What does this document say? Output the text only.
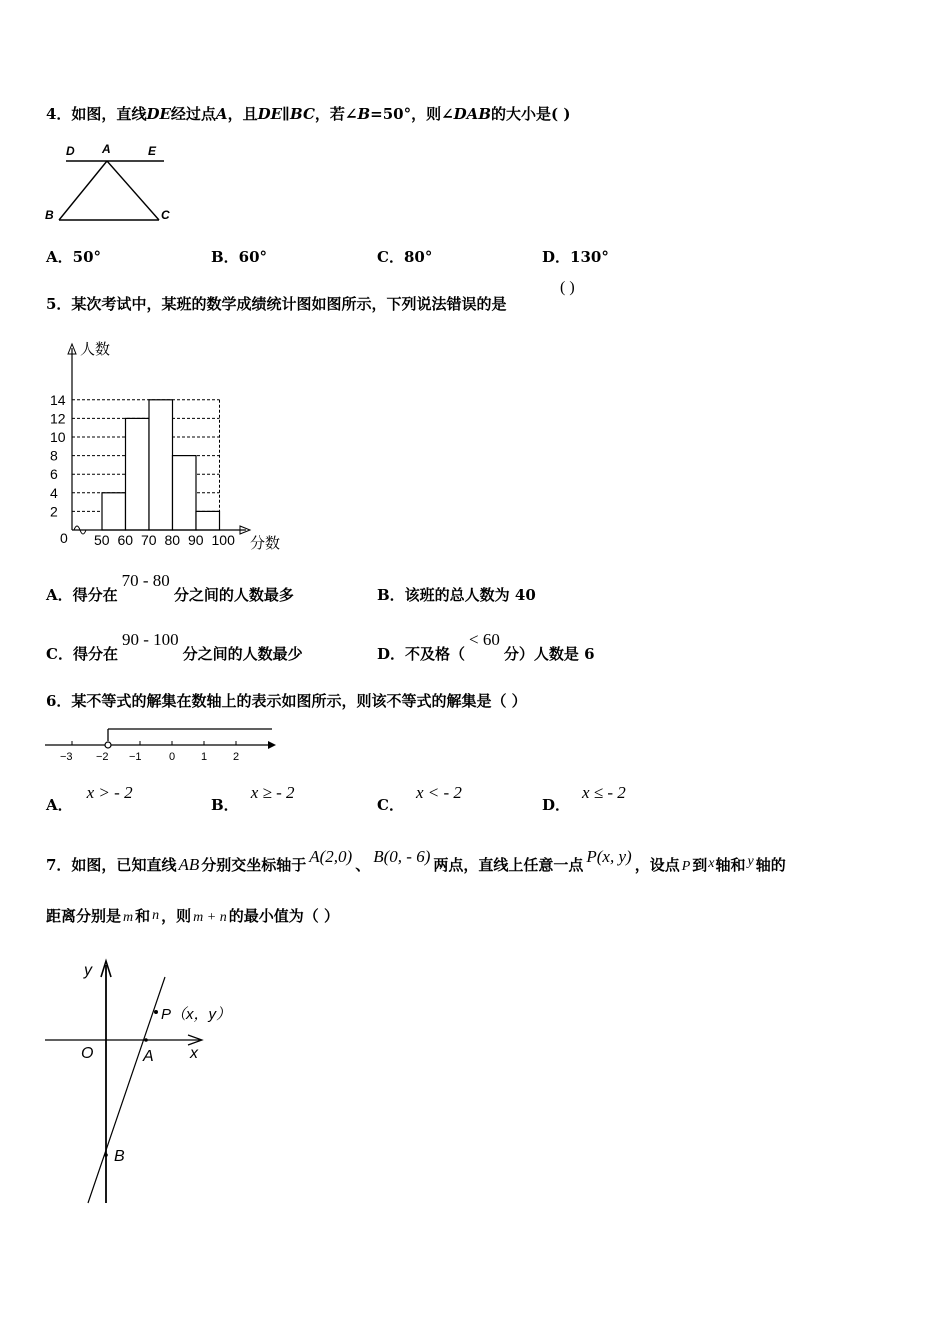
4．如图，直线DE经过点A，且DE∥BC，若∠B=50°，则∠DAB的大小是( )
D A	E
B	C
A．50°	B．60°	C．80°	D．130°
5．某次考试中，某班的数学成绩统计图如图所示，下列说法错误的是
( )
人数
分数
0
2
4
6
8
10
12
14
50 60 70 80 90 100
A．得分在70 - 80分之间的人数最多	B．该班的总人数为 40
C．得分在90 - 100分之间的人数最少	D．不及格（< 60分）人数是 6
6．某不等式的解集在数轴上的表示如图所示，则该不等式的解集是（ ）
−3 −2 −1 0 1 2
A．x > - 2
B．x ≥ - 2
C．x < - 2
D．x ≤ - 2
7．如图，已知直线 AB 分别交坐标轴于 A(2,0) 、 B(0, - 6) 两点，直线上任意一点 P(x, y) ，设点 P 到x轴和 y 轴的
距离分别是 m 和 n ，则 m + n 的最小值为（ ）
y
x
O	A
B
P（x，y）
